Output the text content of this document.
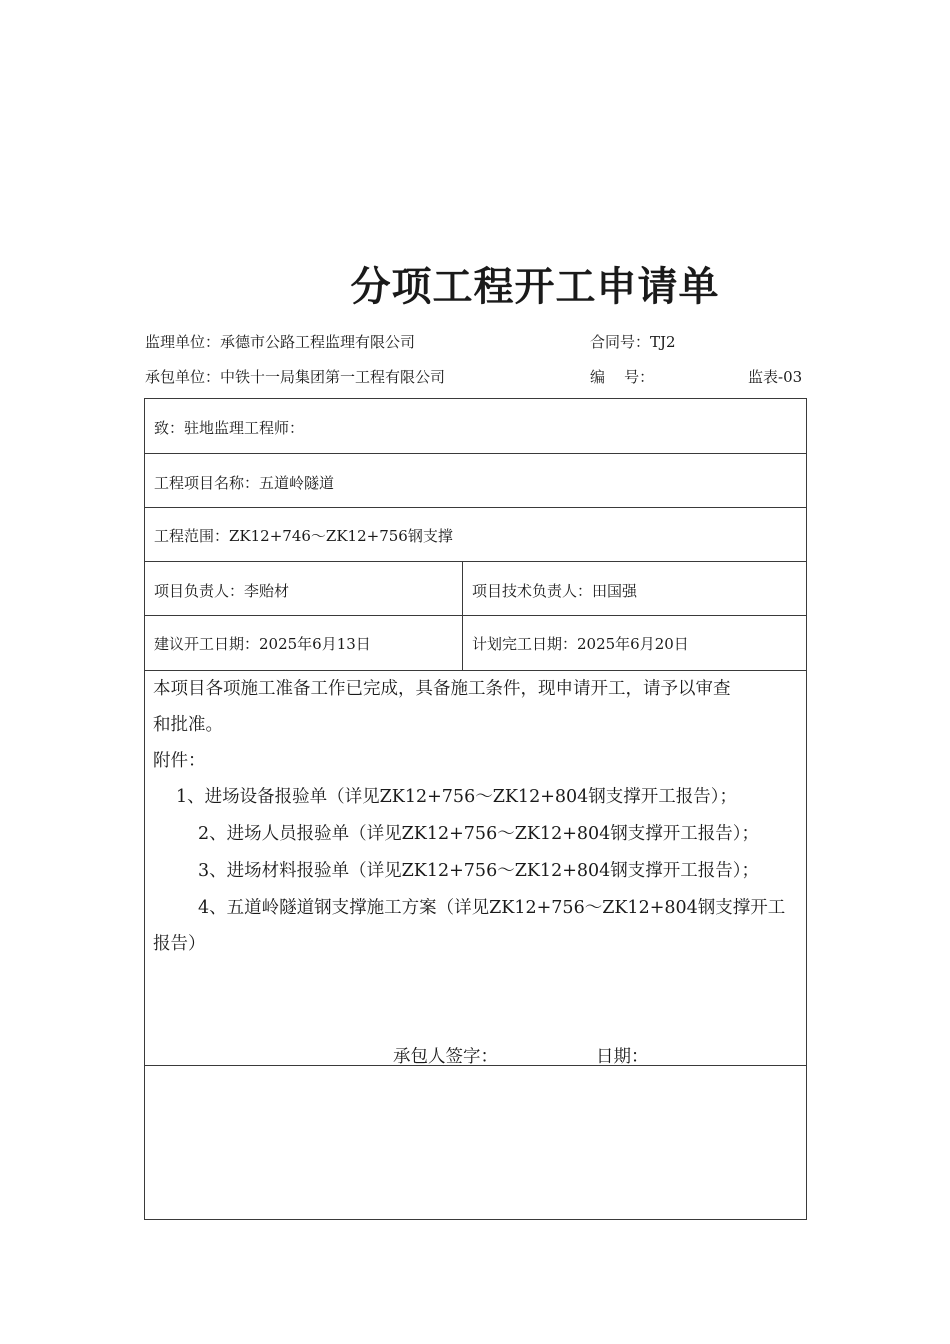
分项工程开工申请单
监理单位：承德市公路工程监理有限公司	合同号：TJ2
承包单位：中铁十一局集团第一工程有限公司	编    号：	监表-03
致：驻地监理工程师：
工程项目名称：五道岭隧道
工程范围：ZK12+746～ZK12+756钢支撑
项目负责人：李贻材	项目技术负责人：田国强
建议开工日期：2025年6月13日	计划完工日期：2025年6月20日
本项目各项施工准备工作已完成，具备施工条件，现申请开工，请予以审查
和批准。
附件：
1、进场设备报验单（详见ZK12+756～ZK12+804钢支撑开工报告）；
2、进场人员报验单（详见ZK12+756～ZK12+804钢支撑开工报告）；
3、进场材料报验单（详见ZK12+756～ZK12+804钢支撑开工报告）；
4、五道岭隧道钢支撑施工方案（详见ZK12+756～ZK12+804钢支撑开工
报告）
承包人签字：	日期：
